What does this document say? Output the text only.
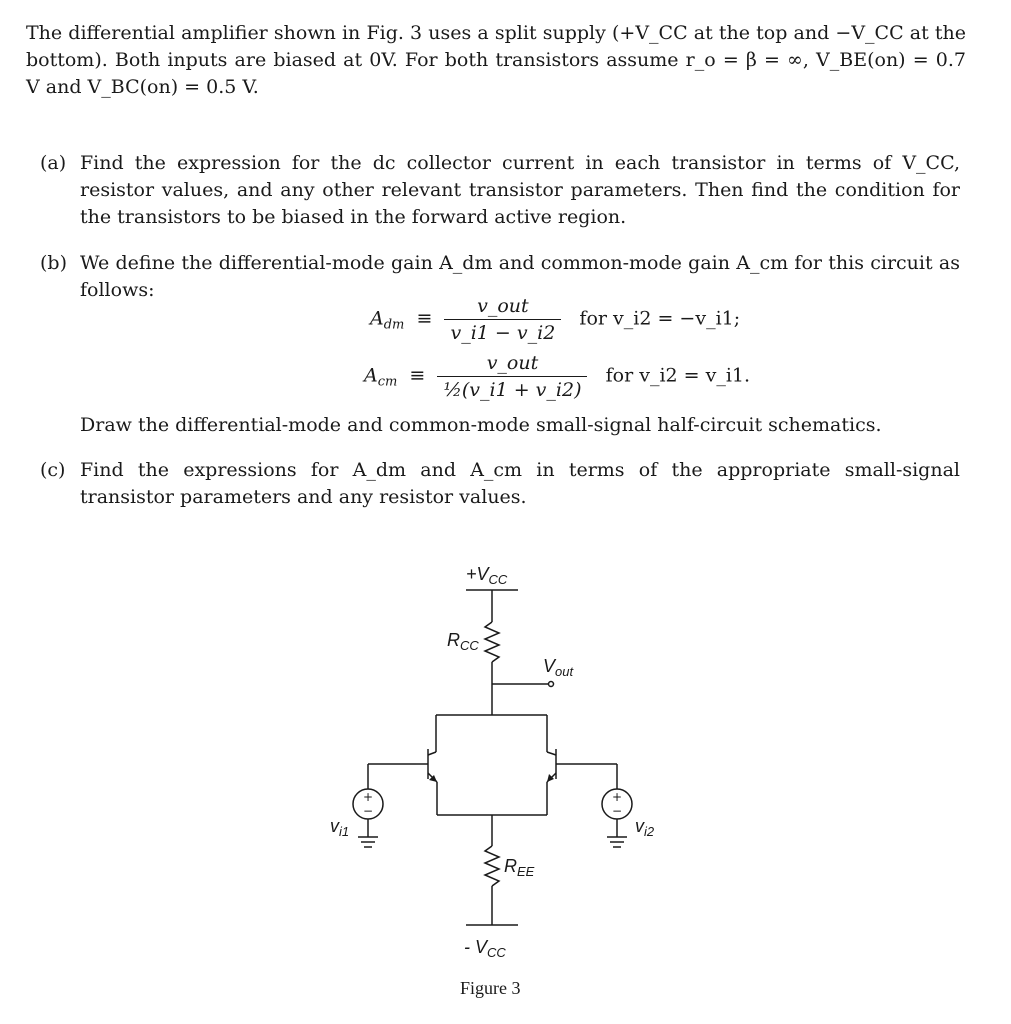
The differential amplifier shown in Fig. 3 uses a split supply (+V_CC at the top and −V_CC at the bottom). Both inputs are biased at 0V. For both transistors assume r_o = β = ∞, V_BE(on) = 0.7 V and V_BC(on) = 0.5 V.
(a) Find the expression for the dc collector current in each transistor in terms of V_CC, resistor values, and any other relevant transistor parameters. Then find the condition for the transistors to be biased in the forward active region.
(b) We define the differential-mode gain A_dm and common-mode gain A_cm for this circuit as follows:
$A_{dm} \equiv \frac{\text{v\_out}}{v\_i1 - v\_i2}$ for v_i2 = −v_i1;
$A_{cm} \equiv \frac{\text{v\_out}}{\text{½(v\_i1 + v\_i2)}}$ for v_i2 = v_i1.
Draw the differential-mode and common-mode small-signal half-circuit schematics.
(c) Find the expressions for A_dm and A_cm in terms of the appropriate small-signal transistor parameters and any resistor values.
+
−
+
−
$+V_{CC}$
$R_{CC}$
$V_{out}$
$v_{i1}$	$v_{i2}$
$R_{EE}$
- $V_{CC}$
Figure 3
